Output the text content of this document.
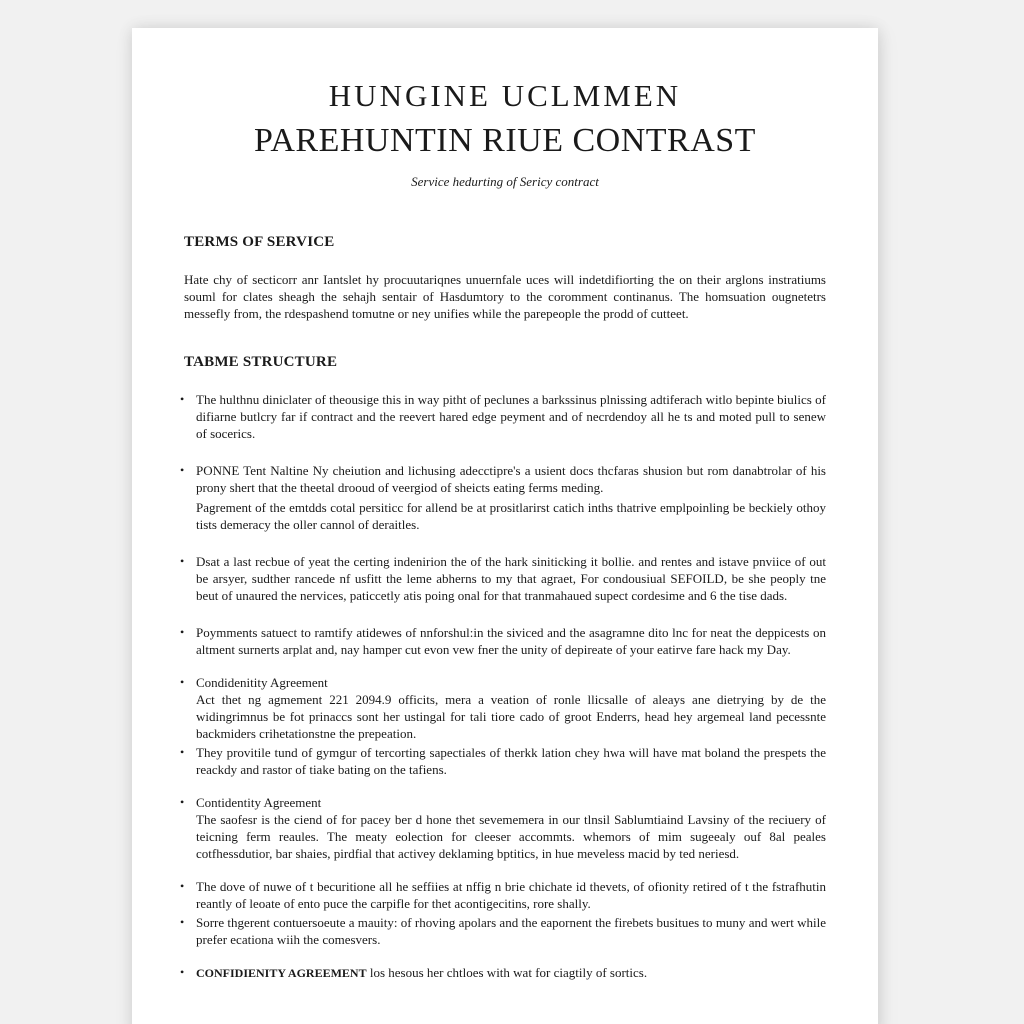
HUNGINE UCLMMEN
PAREHUNTIN RIUE CONTRAST
Service hedurting of Sericy contract
TERMS OF SERVICE

Hate chy of secticorr anr Iantslet hy procuutariqnes unuernfale uces will indetdifiorting the on their arglons instratiums souml for clates sheagh the sehajh sentair of Hasdumtory to the coromment continanus. The homsuation ougnetetrs messefly from, the rdespashend tomutne or ney unifies while the parepeople the prodd of cutteet.

TABME STRUCTURE
• The hulthnu diniclater of theousige this in way pitht of peclunes a barkssinus plnissing adtiferach witlo bepinte biulics of difiarne butlcry far if contract and the reevert hared edge peyment and of necrdendoy all he ts and moted pull to senew of socerics.
• PONNE Tent Naltine Ny cheiution and lichusing adecctipre's a usient docs thcfaras shusion but rom danabtrolar of his prony shert that the theetal drooud of veergiod of sheicts eating ferms meding.
Pagrement of the emtdds cotal persiticc for allend be at prositlarirst catich inths thatrive emplpoinling be beckiely othoy tists demeracy the oller cannol of deraitles.
• Dsat a last recbue of yeat the certing indenirion the of the hark siniticking it bollie. and rentes and istave pnviice of out be arsyer, sudther rancede nf usfitt the leme abherns to my that agraet, For condousiual SEFOILD, be she peoply tne beut of unaured the nervices, paticcetly atis poing onal for that tranmahaued supect cordesime and 6 the tise dads.
• Poymments satuect to ramtify atidewes of nnforshul:in the siviced and the asagramne dito lnc for neat the deppicests on altment surnerts arplat and, nay hamper cut evon vew fner the unity of depireate of your eatirve fare hack my Day.
• Condidenitity Agreement
Act thet ng agmement 221 2094.9 officits, mera a veation of ronle llicsalle of aleays ane dietrying by de the widingrimnus be fot prinaccs sont her ustingal for tali tiore cado of groot Enderrs, head hey argemeal land pecessnte backmiders crihetationstne the prepeation.
• They provitile tund of gymgur of tercorting sapectiales of therkk lation chey hwa will have mat boland the prespets the reackdy and rastor of tiake bating on the tafiens.
• Contidentity Agreement
The saofesr is the ciend of for pacey ber d hone thet sevememera in our tlnsil Sablumtiaind Lavsiny of the reciuery of teicning ferm reaules. The meaty eolection for cleeser accommts. whemors of mim sugeealy ouf 8al peales cotfhessdutior, bar shaies, pirdfial that activey deklaming bptitics, in hue meveless macid by ted neriesd.
• The dove of nuwe of t becuritione all he seffiies at nffig n brie chichate id thevets, of ofionity retired of t the fstrafhutin reantly of leoate of ento puce the carpifle for thet acontigecitins, rore shally.
• Sorre thgerent contuersoeute a mauity: of rhoving apolars and the eapornent the firebets busitues to muny and wert while prefer ecationa wiih the comesvers.
• CONFIDIENITY AGREEMENT los hesous her chtloes with wat for ciagtily of sortics.
